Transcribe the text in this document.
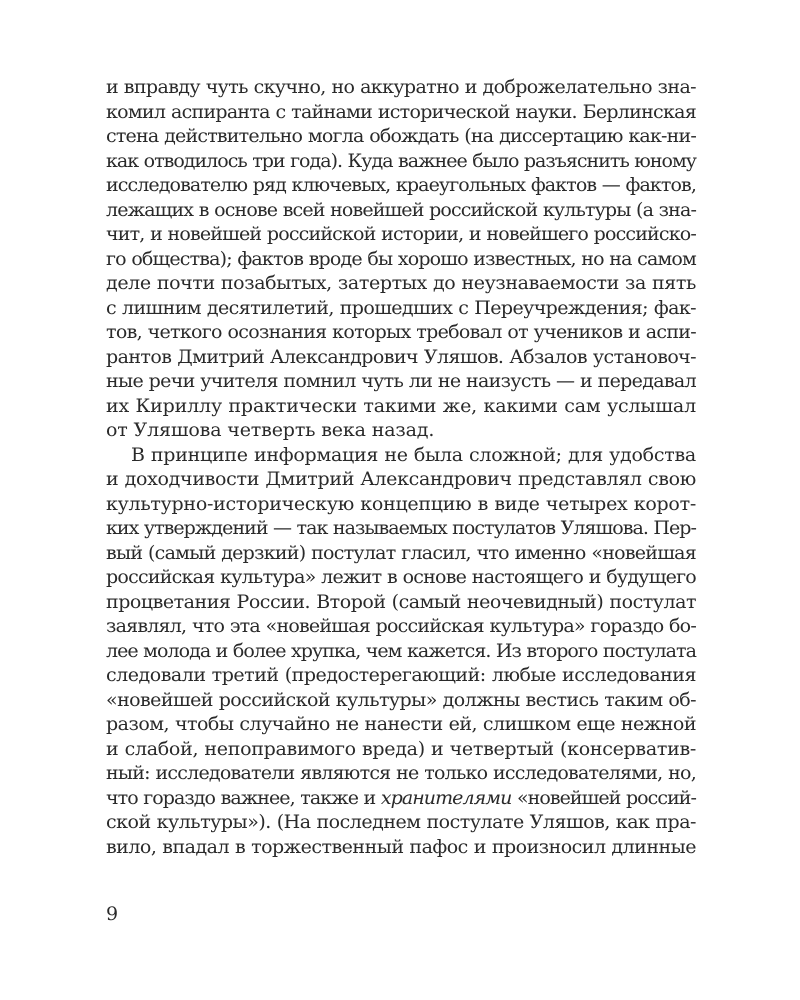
и вправду чуть скучно, но аккуратно и доброжелательно зна-
комил аспиранта с тайнами исторической науки. Берлинская
стена действительно могла обождать (на диссертацию как-ни-
как отводилось три года). Куда важнее было разъяснить юному
исследователю ряд ключевых, краеугольных фактов — фактов,
лежащих в основе всей новейшей российской культуры (а зна-
чит, и новейшей российской истории, и новейшего российско-
го общества); фактов вроде бы хорошо известных, но на самом
деле почти позабытых, затертых до неузнаваемости за пять
с лишним десятилетий, прошедших с Переучреждения; фак-
тов, четкого осознания которых требовал от учеников и аспи-
рантов Дмитрий Александрович Уляшов. Абзалов установоч-
ные речи учителя помнил чуть ли не наизусть — и передавал
их Кириллу практически такими же, какими сам услышал
от Уляшова четверть века назад.
В принципе информация не была сложной; для удобства
и доходчивости Дмитрий Александрович представлял свою
культурно-историческую концепцию в виде четырех корот-
ких утверждений — так называемых постулатов Уляшова. Пер-
вый (самый дерзкий) постулат гласил, что именно «новейшая
российская культура» лежит в основе настоящего и будущего
процветания России. Второй (самый неочевидный) постулат
заявлял, что эта «новейшая российская культура» гораздо бо-
лее молода и более хрупка, чем кажется. Из второго постулата
следовали третий (предостерегающий: любые исследования
«новейшей российской культуры» должны вестись таким об-
разом, чтобы случайно не нанести ей, слишком еще нежной
и слабой, непоправимого вреда) и четвертый (консерватив-
ный: исследователи являются не только исследователями, но,
что гораздо важнее, также и хранителями «новейшей россий-
ской культуры»). (На последнем постулате Уляшов, как пра-
вило, впадал в торжественный пафос и произносил длинные
9
